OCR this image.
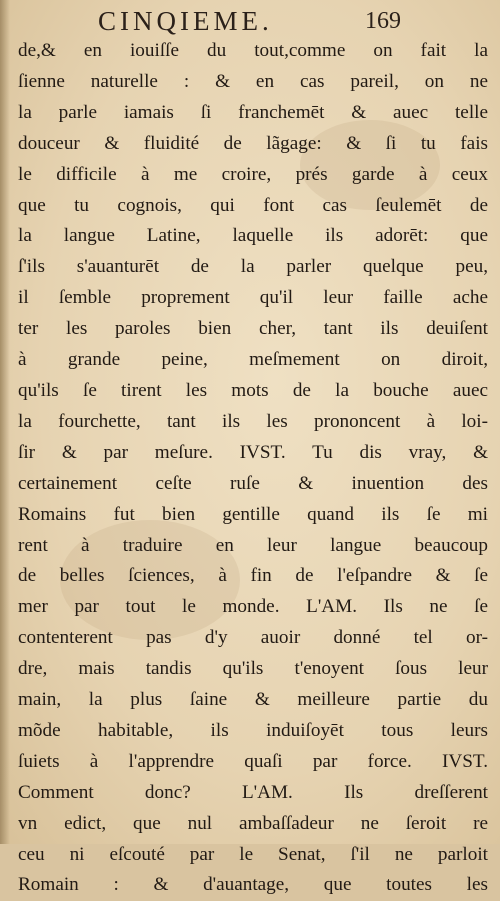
CINQIEME.	169
de,& en iouiſſe du tout,comme on fait la
ſienne naturelle : & en cas pareil, on ne
la parle iamais ſi franchemēt & auec telle
douceur & fluidité de lãgage: & ſi tu fais
le difficile à me croire, prés garde à ceux
que tu cognois, qui font cas ſeulemēt de
la langue Latine, laquelle ils adorēt: que
ſ'ils s'auanturēt de la parler quelque peu,
il ſemble proprement qu'il leur faille ache
ter les paroles bien cher, tant ils deuiſent
à grande peine, meſmement on diroit,
qu'ils ſe tirent les mots de la bouche auec
la fourchette, tant ils les prononcent à loi-
ſir & par meſure. IVST. Tu dis vray, &
certainement ceſte ruſe & inuention des
Romains fut bien gentille quand ils ſe mi
rent à traduire en leur langue beaucoup
de belles ſciences, à fin de l'eſpandre & ſe
mer par tout le monde. L'AM. Ils ne ſe
contenterent pas d'y auoir donné tel or-
dre, mais tandis qu'ils t'enoyent ſous leur
main, la plus ſaine & meilleure partie du
mõde habitable, ils induiſoyēt tous leurs
ſuiets à l'apprendre quaſi par force. IVST.
Comment donc? L'AM. Ils dreſſerent
vn edict, que nul ambaſſadeur ne ſeroit re
ceu ni eſcouté par le Senat, ſ'il ne parloit
Romain : & d'auantage, que toutes les
